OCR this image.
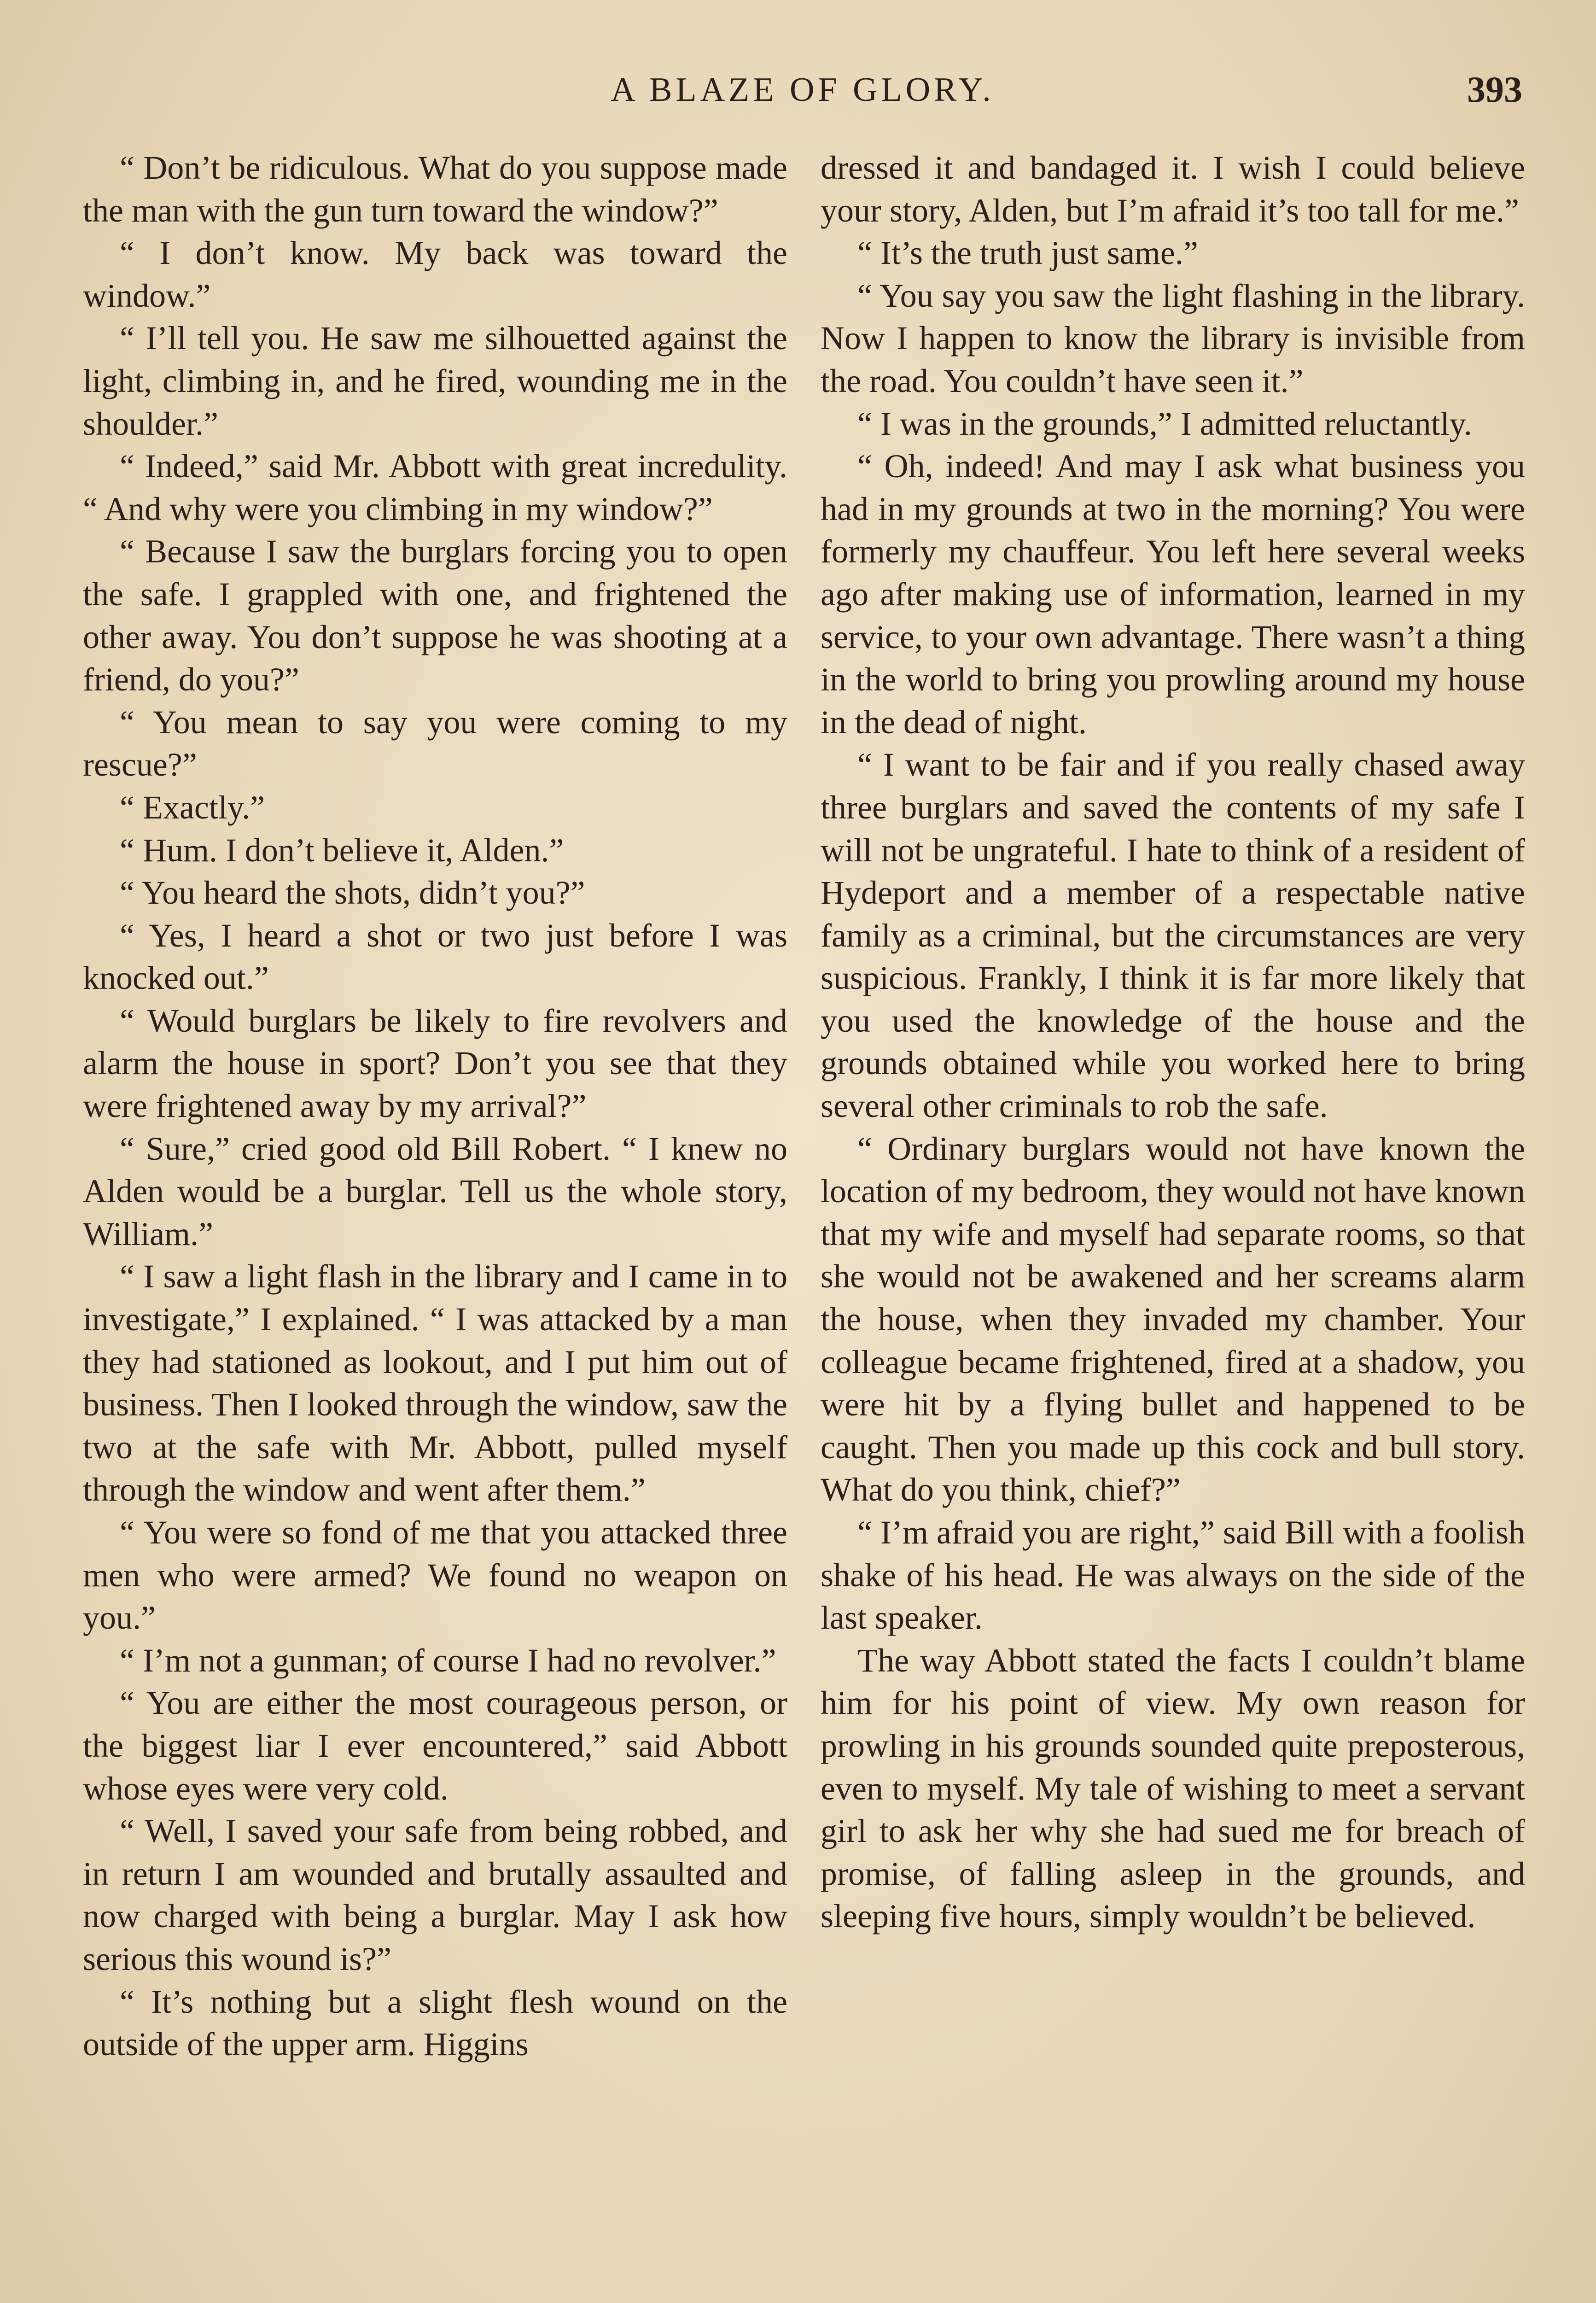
A BLAZE OF GLORY.	393

“ Don’t be ridiculous. What do you suppose made the man with the gun turn toward the window?”

“ I don’t know. My back was toward the window.”

“ I’ll tell you. He saw me silhouetted against the light, climbing in, and he fired, wounding me in the shoulder.”

“ Indeed,” said Mr. Abbott with great incredulity. “ And why were you climbing in my window?”

“ Because I saw the burglars forcing you to open the safe. I grappled with one, and frightened the other away. You don’t suppose he was shooting at a friend, do you?”

“ You mean to say you were coming to my rescue?”

“ Exactly.”

“ Hum. I don’t believe it, Alden.”

“ You heard the shots, didn’t you?”

“ Yes, I heard a shot or two just before I was knocked out.”

“ Would burglars be likely to fire revolvers and alarm the house in sport? Don’t you see that they were frightened away by my arrival?”

“ Sure,” cried good old Bill Robert. “ I knew no Alden would be a burglar. Tell us the whole story, William.”

“ I saw a light flash in the library and I came in to investigate,” I explained. “ I was attacked by a man they had stationed as lookout, and I put him out of business. Then I looked through the window, saw the two at the safe with Mr. Abbott, pulled myself through the window and went after them.”

“ You were so fond of me that you attacked three men who were armed? We found no weapon on you.”

“ I’m not a gunman; of course I had no revolver.”

“ You are either the most courageous person, or the biggest liar I ever encountered,” said Abbott whose eyes were very cold.

“ Well, I saved your safe from being robbed, and in return I am wounded and brutally assaulted and now charged with being a burglar. May I ask how serious this wound is?”

“ It’s nothing but a slight flesh wound on the outside of the upper arm. Higgins

dressed it and bandaged it. I wish I could believe your story, Alden, but I’m afraid it’s too tall for me.”

“ It’s the truth just same.”

“ You say you saw the light flashing in the library. Now I happen to know the library is invisible from the road. You couldn’t have seen it.”

“ I was in the grounds,” I admitted reluctantly.

“ Oh, indeed! And may I ask what business you had in my grounds at two in the morning? You were formerly my chauffeur. You left here several weeks ago after making use of information, learned in my service, to your own advantage. There wasn’t a thing in the world to bring you prowling around my house in the dead of night.

“ I want to be fair and if you really chased away three burglars and saved the contents of my safe I will not be ungrateful. I hate to think of a resident of Hydeport and a member of a respectable native family as a criminal, but the circumstances are very suspicious. Frankly, I think it is far more likely that you used the knowledge of the house and the grounds obtained while you worked here to bring several other criminals to rob the safe.

“ Ordinary burglars would not have known the location of my bedroom, they would not have known that my wife and myself had separate rooms, so that she would not be awakened and her screams alarm the house, when they invaded my chamber. Your colleague became frightened, fired at a shadow, you were hit by a flying bullet and happened to be caught. Then you made up this cock and bull story. What do you think, chief?”

“ I’m afraid you are right,” said Bill with a foolish shake of his head. He was always on the side of the last speaker.

The way Abbott stated the facts I couldn’t blame him for his point of view. My own reason for prowling in his grounds sounded quite preposterous, even to myself. My tale of wishing to meet a servant girl to ask her why she had sued me for breach of promise, of falling asleep in the grounds, and sleeping five hours, simply wouldn’t be believed.
